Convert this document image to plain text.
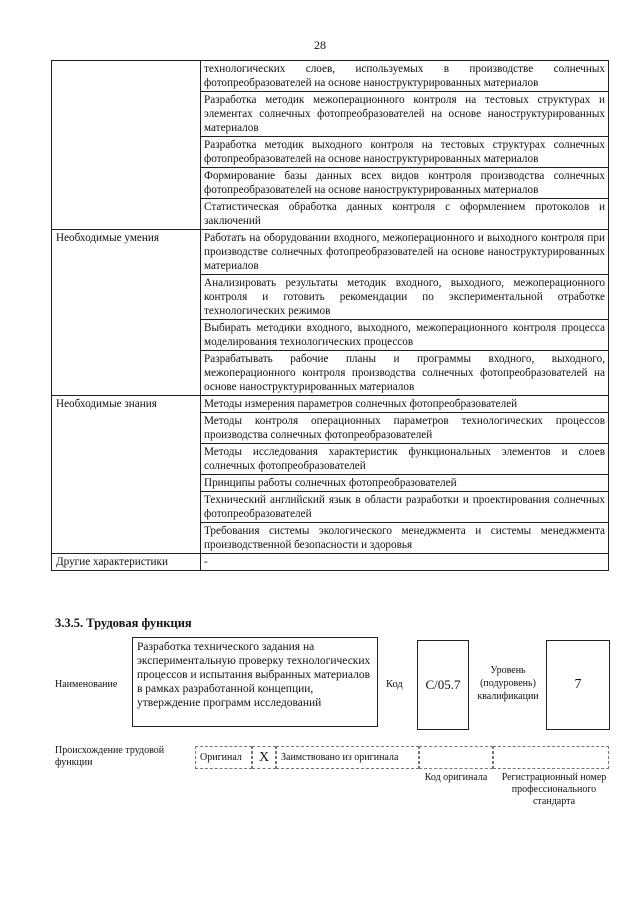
28
	технологических слоев, используемых в производстве солнечных фотопреобразователей на основе наноструктурированных материалов
	Разработка методик межоперационного контроля на тестовых структурах и элементах солнечных фотопреобразователей на основе наноструктурированных материалов
	Разработка методик выходного контроля на тестовых структурах солнечных фотопреобразователей на основе наноструктурированных материалов
	Формирование базы данных всех видов контроля производства солнечных фотопреобразователей на основе наноструктурированных материалов
	Статистическая обработка данных контроля с оформлением протоколов и заключений
Необходимые умения	Работать на оборудовании входного, межоперационного и выходного контроля при производстве солнечных фотопреобразователей на основе наноструктурированных материалов
	Анализировать результаты методик входного, выходного, межоперационного контроля и готовить рекомендации по экспериментальной отработке технологических режимов
	Выбирать методики входного, выходного, межоперационного контроля процесса моделирования технологических процессов
	Разрабатывать рабочие планы и программы входного, выходного, межоперационного контроля производства солнечных фотопреобразователей на основе наноструктурированных материалов
Необходимые знания	Методы измерения параметров солнечных фотопреобразователей
	Методы контроля операционных параметров технологических процессов производства солнечных фотопреобразователей
	Методы исследования характеристик функциональных элементов и слоев солнечных фотопреобразователей
	Принципы работы солнечных фотопреобразователей
	Технический английский язык в области разработки и проектирования солнечных фотопреобразователей
	Требования системы экологического менеджмента и системы менеджмента производственной безопасности и здоровья
Другие характеристики	-
3.3.5. Трудовая функция
Наименование
Разработка технического задания на экспериментальную проверку технологических процессов и испытания выбранных материалов в рамках разработанной концепции, утверждение программ исследований
Код	C/05.7
Уровень (подуровень) квалификации
7
Происхождение трудовой функции	Оригинал	X	Заимствовано из оригинала
Код оригинала Регистрационный номер профессионального стандарта
